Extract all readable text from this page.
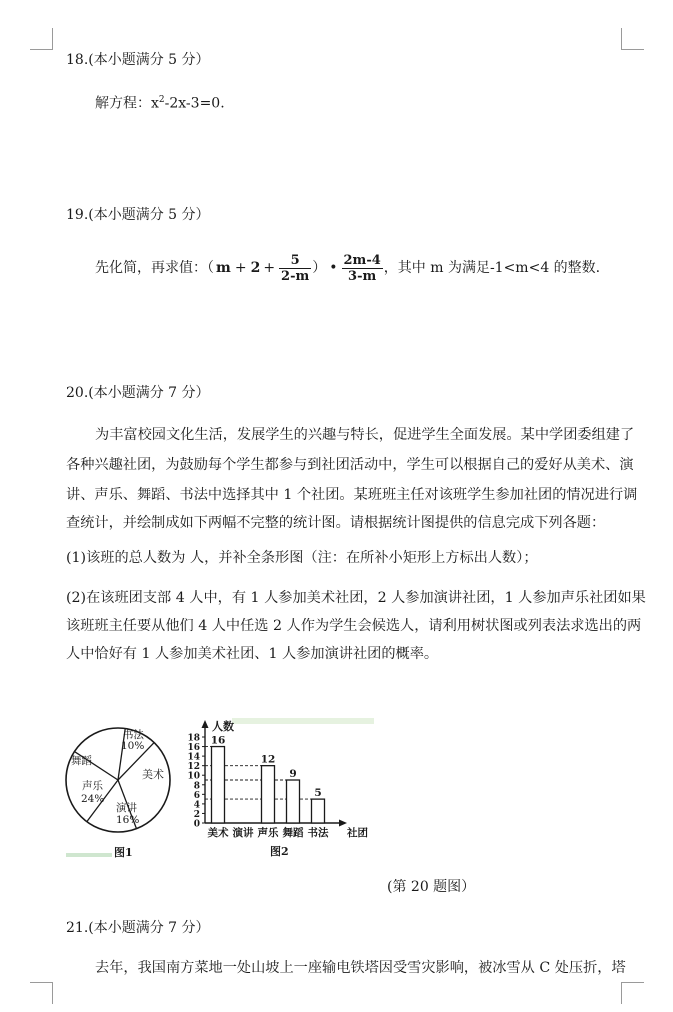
18.(本小题满分 5 分）
解方程：$x^2-2x-3=0$.
19.(本小题满分 5 分）
先化简，再求值：（ $m + 2 + \frac{5}{2-m}$ ） • $\frac{2m-4}{3-m}$ ，其中 m 为满足-1<m<4 的整数.
20.(本小题满分 7 分）
为丰富校园文化生活，发展学生的兴趣与特长，促进学生全面发展。某中学团委组建了
各种兴趣社团，为鼓励每个学生都参与到社团活动中，学生可以根据自己的爱好从美术、演
讲、声乐、舞蹈、书法中选择其中 1 个社团。某班班主任对该班学生参加社团的情况进行调
查统计，并绘制成如下两幅不完整的统计图。请根据统计图提供的信息完成下列各题：
(1)该班的总人数为 人，并补全条形图（注：在所补小矩形上方标出人数）；
(2)在该班团支部 4 人中，有 1 人参加美术社团，2 人参加演讲社团，1 人参加声乐社团如果
该班班主任要从他们 4 人中任选 2 人作为学生会候选人，请利用树状图或列表法求选出的两
人中恰好有 1 人参加美术社团、1 人参加演讲社团的概率。
书法
10%
美术
演讲
16%
声乐
24%
舞蹈
图1
人数
0
2
4
6
8
10
12
14
16
18 16
12
9
5
美术 演讲 声乐 舞蹈 书法 社团
图2
(第 20 题图）
21.(本小题满分 7 分）
去年，我国南方菜地一处山坡上一座输电铁塔因受雪灾影响，被冰雪从 C 处压折，塔
